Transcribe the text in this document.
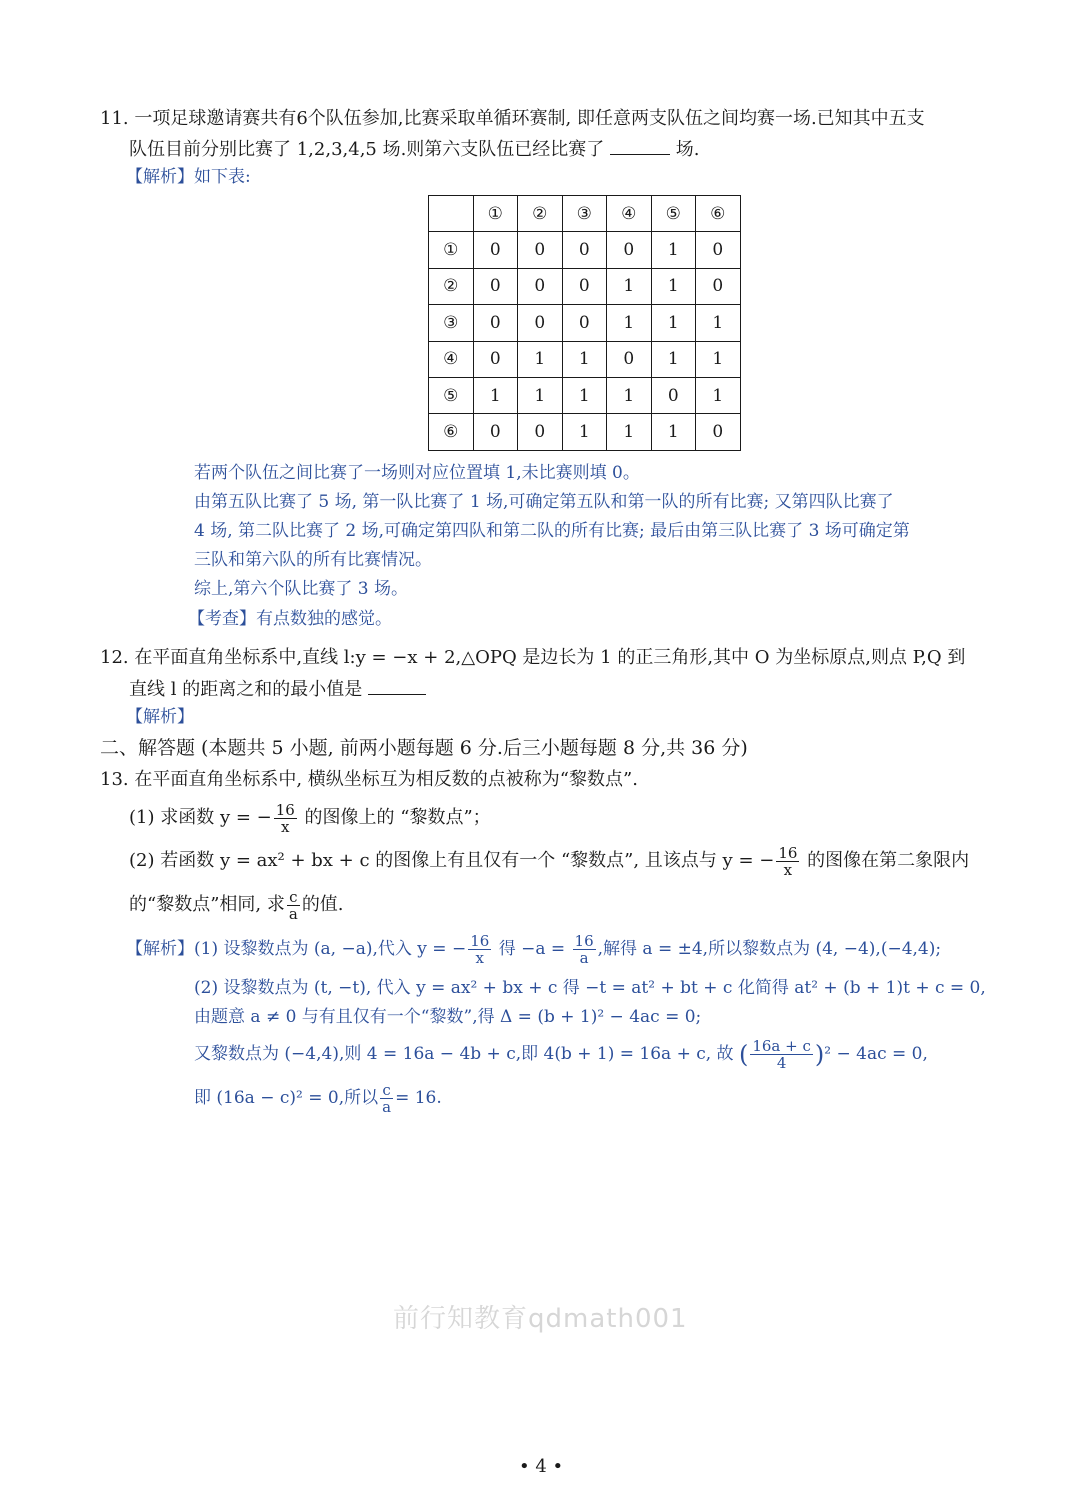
11. 一项足球邀请赛共有6个队伍参加,比赛采取单循环赛制, 即任意两支队伍之间均赛一场.已知其中五支
队伍目前分别比赛了 1,2,3,4,5 场.则第六支队伍已经比赛了	场.
【解析】如下表:
	①	②	③	④	⑤	⑥
①	0	0	0	0	1	0
②	0	0	0	1	1	0
③	0	0	0	1	1	1
④	0	1	1	0	1	1
⑤	1	1	1	1	0	1
⑥	0	0	1	1	1	0
若两个队伍之间比赛了一场则对应位置填 1,未比赛则填 0。
由第五队比赛了 5 场, 第一队比赛了 1 场,可确定第五队和第一队的所有比赛; 又第四队比赛了
4 场, 第二队比赛了 2 场,可确定第四队和第二队的所有比赛; 最后由第三队比赛了 3 场可确定第
三队和第六队的所有比赛情况。
综上,第六个队比赛了 3 场。
【考查】有点数独的感觉。
12. 在平面直角坐标系中,直线 l:y = −x + 2,△OPQ 是边长为 1 的正三角形,其中 O 为坐标原点,则点 P,Q 到
直线 l 的距离之和的最小值是
【解析】
二、解答题 (本题共 5 小题, 前两小题每题 6 分.后三小题每题 8 分,共 36 分)
13. 在平面直角坐标系中, 横纵坐标互为相反数的点被称为“黎数点”.
(1) 求函数 y = − $\frac{16}{x}$ 的图像上的 “黎数点”；
(2) 若函数 y = ax² + bx + c 的图像上有且仅有一个 “黎数点”, 且该点与 y = − $\frac{16}{x}$ 的图像在第二象限内
的“黎数点”相同, 求 $\frac{c}{a}$ 的值.
【解析】(1) 设黎数点为 (a, −a),代入 y = − $\frac{16}{x}$ 得 $-a = \frac{16}{a}$ ,解得 a = ±4,所以黎数点为 (4, −4),(−4,4);
(2) 设黎数点为 (t, −t), 代入 y = ax² + bx + c 得 −t = at² + bt + c 化简得 at² + (b + 1)t + c = 0,
由题意 a ≠ 0 与有且仅有一个“黎数”,得 Δ = (b + 1)² − 4ac = 0;
又黎数点为 (−4,4),则 4 = 16a − 4b + c,即 4(b + 1) = 16a + c, 故 ( $\frac{16a + c}{4} )^2 - 4ac = 0$,
即 (16a − c)² = 0,所以 $\frac{c}{a} = 16$.
前行知教育qdmath001
• 4 •
